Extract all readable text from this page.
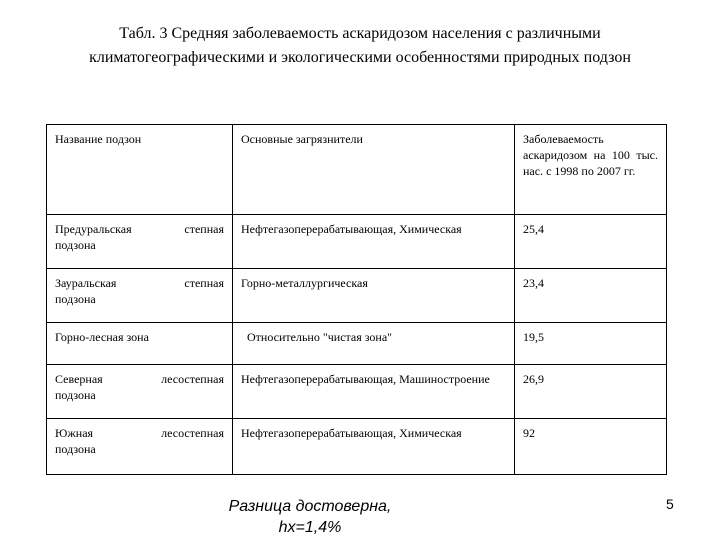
Табл. 3 Средняя заболеваемость аскаридозом населения с различными климатогеографическими и экологическими особенностями природных подзон
Название подзон	Основные загрязнители	Заболеваемость аскаридозом на 100 тыс. нас. с 1998 по 2007 гг.

Предуральская степная
подзона	Нефтегазоперерабатывающая, Химическая	25,4

Зауральская степная
подзона	Горно-металлургическая	23,4
Горно-лесная зона	Относительно "чистая зона"	19,5

Северная лесостепная
подзона	Нефтегазоперерабатывающая, Машиностроение	26,9

Южная лесостепная
подзона	Нефтегазоперерабатывающая, Химическая	92
Разница достоверна,
hx=1,4%
5
